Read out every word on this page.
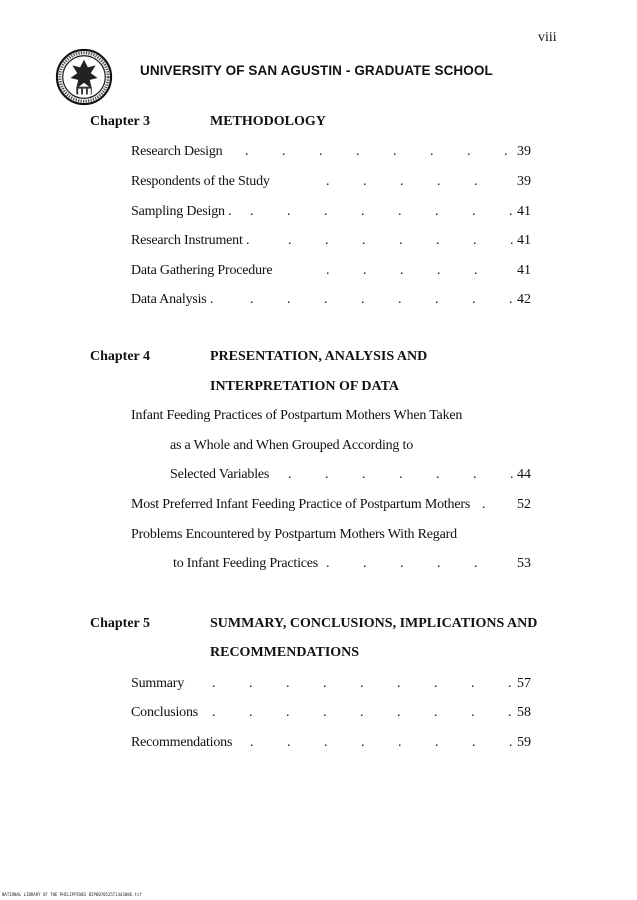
viii
UNIVERSITY OF SAN AGUSTIN - GRADUATE SCHOOL
Chapter 3	METHODOLOGY
Research Design . . . . . . . . 39
Respondents of the Study	. . . . .	39
Sampling Design . . . . . . . . . 41
Research Instrument .	. . . . . . . 41
Data Gathering Procedure	. . . . .	41
Data Analysis .	. . . . . . . . 42
Chapter 4	PRESENTATION, ANALYSIS AND
INTERPRETATION OF DATA
Infant Feeding Practices of Postpartum Mothers When Taken
as a Whole and When Grouped According to
Selected Variables . . . . . . . 44
Most Preferred Infant Feeding Practice of Postpartum Mothers . 52
Problems Encountered by Postpartum Mothers With Regard
to Infant Feeding Practices . . . . .	53
Chapter 5	SUMMARY, CONCLUSIONS, IMPLICATIONS AND
RECOMMENDATIONS
Summary . . . . . . . . . 57
Conclusions . . . . . . . . . 58
Recommendations . . . . . . . . 59
NATIONAL LIBRARY OF THE PHILIPPINES B2P0070525T1443086.tif
